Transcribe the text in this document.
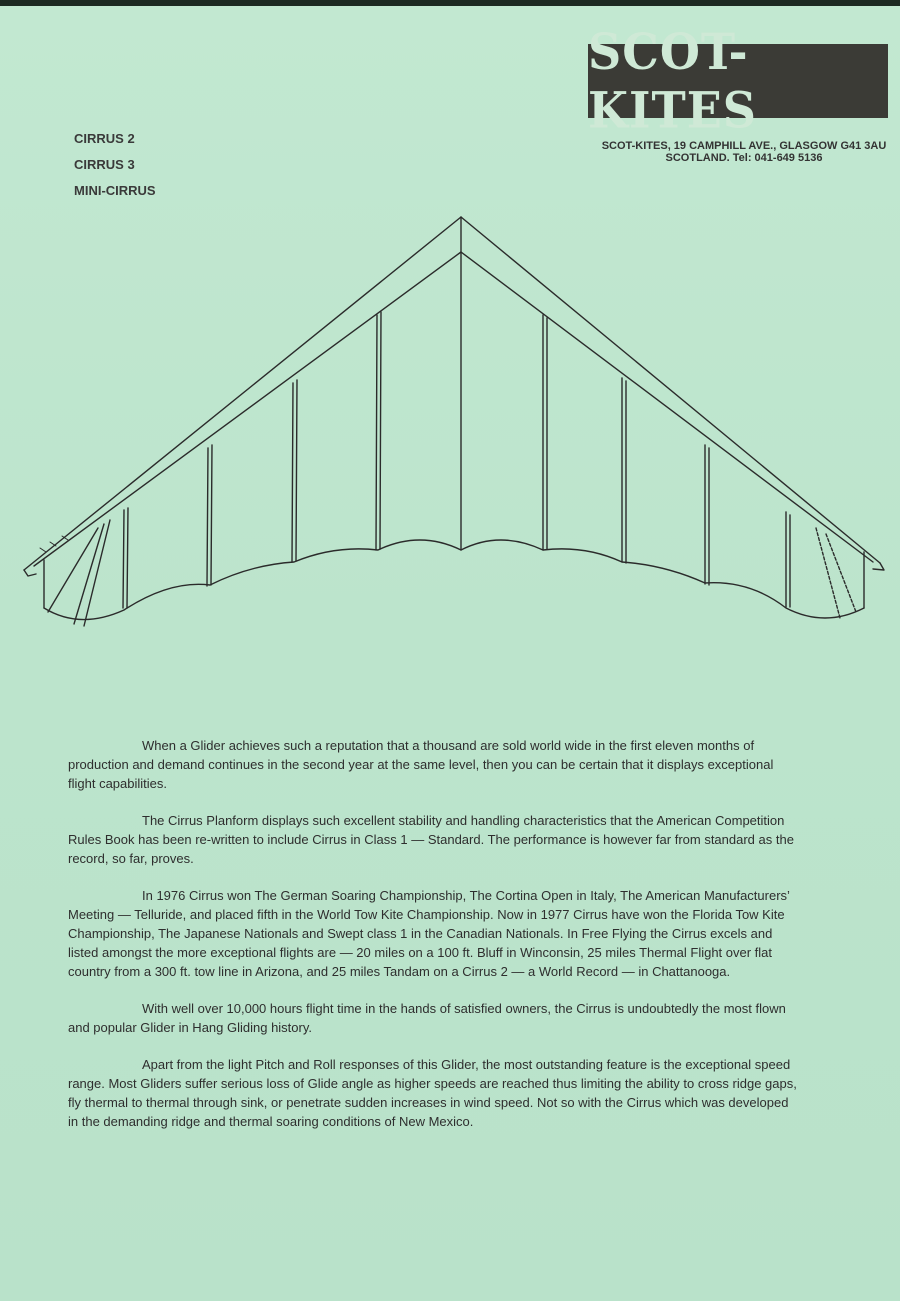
SCOT-KITES
SCOT-KITES, 19 CAMPHILL AVE., GLASGOW G41 3AU
SCOTLAND. Tel: 041-649 5136
CIRRUS 2
CIRRUS 3
MINI-CIRRUS

When a Glider achieves such a reputation that a thousand are sold world wide in the first eleven months of production and demand continues in the second year at the same level, then you can be certain that it displays exceptional flight capabilities.

The Cirrus Planform displays such excellent stability and handling characteristics that the American Competition Rules Book has been re-written to include Cirrus in Class 1 — Standard. The performance is however far from standard as the record, so far, proves.

In 1976 Cirrus won The German Soaring Championship, The Cortina Open in Italy, The American Manufacturers’ Meeting — Telluride, and placed fifth in the World Tow Kite Championship. Now in 1977 Cirrus have won the Florida Tow Kite Championship, The Japanese Nationals and Swept class 1 in the Canadian Nationals. In Free Flying the Cirrus excels and listed amongst the more exceptional flights are — 20 miles on a 100 ft. Bluff in Winconsin, 25 miles Thermal Flight over flat country from a 300 ft. tow line in Arizona, and 25 miles Tandam on a Cirrus 2 — a World Record — in Chattanooga.

With well over 10,000 hours flight time in the hands of satisfied owners, the Cirrus is undoubtedly the most flown and popular Glider in Hang Gliding history.

Apart from the light Pitch and Roll responses of this Glider, the most outstanding feature is the exceptional speed range. Most Gliders suffer serious loss of Glide angle as higher speeds are reached thus limiting the ability to cross ridge gaps, fly thermal to thermal through sink, or penetrate sudden increases in wind speed. Not so with the Cirrus which was developed in the demanding ridge and thermal soaring conditions of New Mexico.
